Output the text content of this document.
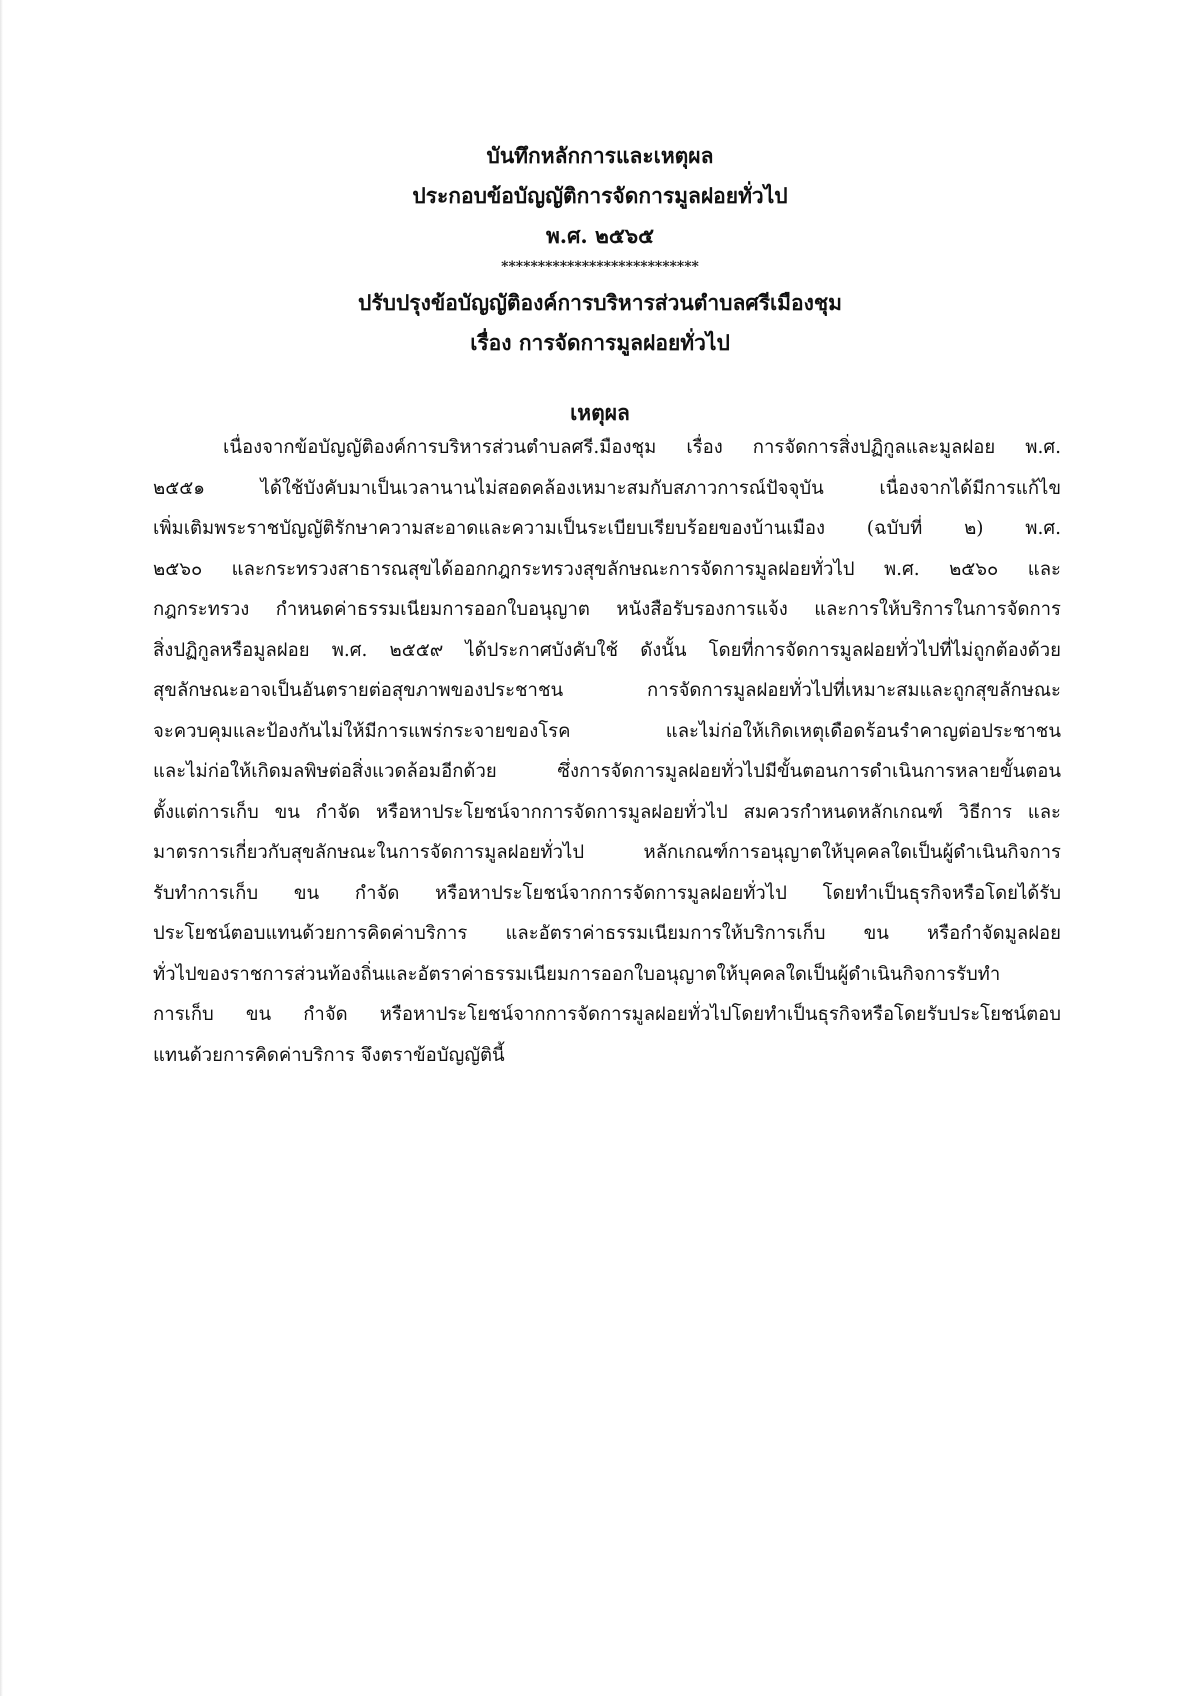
บันทึกหลักการและเหตุผล
ประกอบข้อบัญญัติการจัดการมูลฝอยทั่วไป
พ.ศ. ๒๕๖๕
***************************
ปรับปรุงข้อบัญญัติองค์การบริหารส่วนตำบลศรีเมืองชุม
เรื่อง การจัดการมูลฝอยทั่วไป
เหตุผล
เนื่องจากข้อบัญญัติองค์การบริหารส่วนตำบลศรี.มืองชุม เรื่อง การจัดการสิ่งปฏิกูลและมูลฝอย พ.ศ.
๒๕๕๑ ได้ใช้บังคับมาเป็นเวลานานไม่สอดคล้องเหมาะสมกับสภาวการณ์ปัจจุบัน เนื่องจากได้มีการแก้ไข
เพิ่มเติมพระราชบัญญัติรักษาความสะอาดและความเป็นระเบียบเรียบร้อยของบ้านเมือง (ฉบับที่ ๒) พ.ศ.
๒๕๖๐ และกระทรวงสาธารณสุขได้ออกกฎกระทรวงสุขลักษณะการจัดการมูลฝอยทั่วไป พ.ศ. ๒๕๖๐ และ
กฎกระทรวง กำหนดค่าธรรมเนียมการออกใบอนุญาต หนังสือรับรองการแจ้ง และการให้บริการในการจัดการ
สิ่งปฏิกูลหรือมูลฝอย พ.ศ. ๒๕๕๙ ได้ประกาศบังคับใช้ ดังนั้น โดยที่การจัดการมูลฝอยทั่วไปที่ไม่ถูกต้องด้วย
สุขลักษณะอาจเป็นอันตรายต่อสุขภาพของประชาชน การจัดการมูลฝอยทั่วไปที่เหมาะสมและถูกสุขลักษณะ
จะควบคุมและป้องกันไม่ให้มีการแพร่กระจายของโรค และไม่ก่อให้เกิดเหตุเดือดร้อนรำคาญต่อประชาชน
และไม่ก่อให้เกิดมลพิษต่อสิ่งแวดล้อมอีกด้วย ซึ่งการจัดการมูลฝอยทั่วไปมีขั้นตอนการดำเนินการหลายขั้นตอน
ตั้งแต่การเก็บ ขน กำจัด หรือหาประโยชน์จากการจัดการมูลฝอยทั่วไป สมควรกำหนดหลักเกณฑ์ วิธีการ และ
มาตรการเกี่ยวกับสุขลักษณะในการจัดการมูลฝอยทั่วไป หลักเกณฑ์การอนุญาตให้บุคคลใดเป็นผู้ดำเนินกิจการ
รับทำการเก็บ ขน กำจัด หรือหาประโยชน์จากการจัดการมูลฝอยทั่วไป โดยทำเป็นธุรกิจหรือโดยได้รับ
ประโยชน์ตอบแทนด้วยการคิดค่าบริการ และอัตราค่าธรรมเนียมการให้บริการเก็บ ขน หรือกำจัดมูลฝอย
ทั่วไปของราชการส่วนท้องถิ่นและอัตราค่าธรรมเนียมการออกใบอนุญาตให้บุคคลใดเป็นผู้ดำเนินกิจการรับทำ
การเก็บ ขน กำจัด หรือหาประโยชน์จากการจัดการมูลฝอยทั่วไปโดยทำเป็นธุรกิจหรือโดยรับประโยชน์ตอบ
แทนด้วยการคิดค่าบริการ จึงตราข้อบัญญัตินี้
